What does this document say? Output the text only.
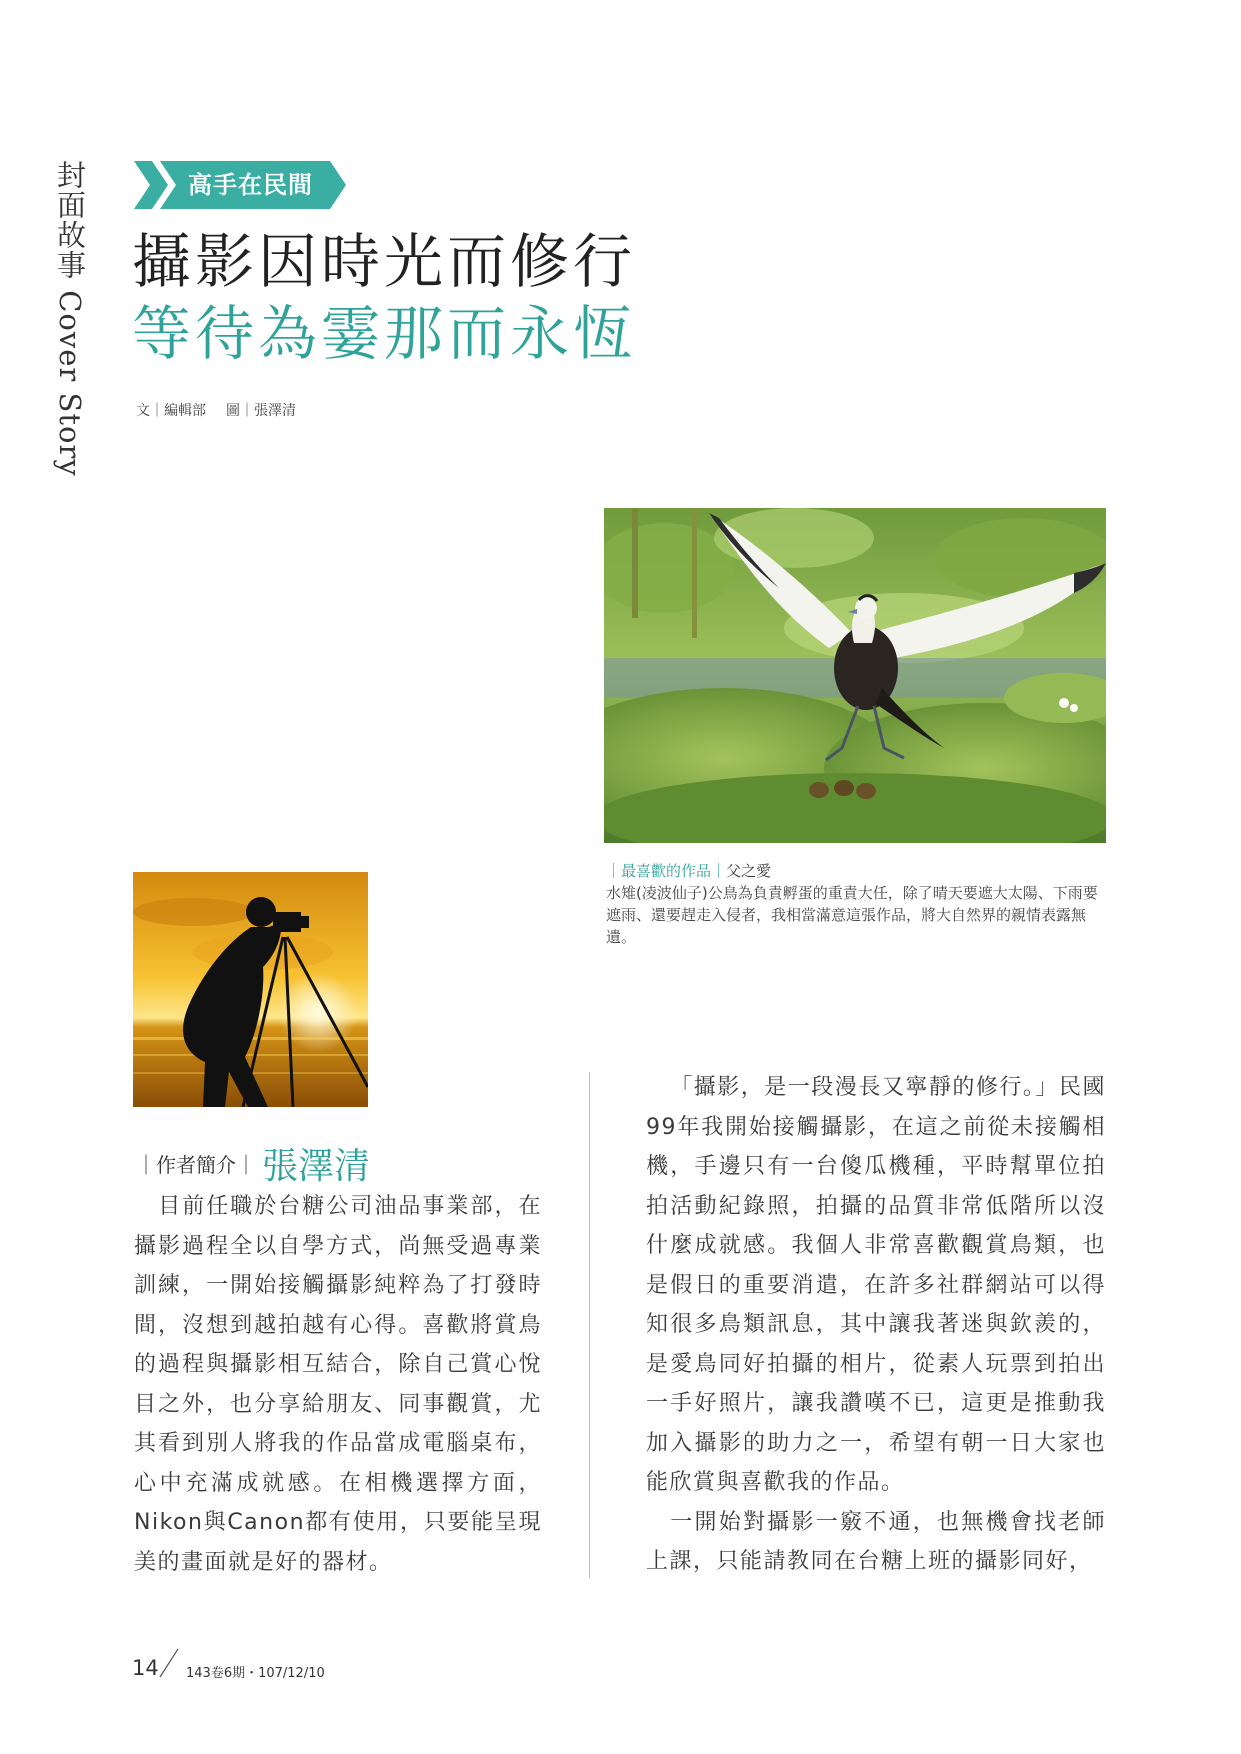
封面故事 Cover Story	高手在民間
攝影因時光而修行
等待為霎那而永恆
文｜編輯部 圖｜張澤清
｜最喜歡的作品｜父之愛
水雉(凌波仙子)公鳥為負責孵蛋的重責大任，除了晴天要遮大太陽、下雨要遮雨、還要趕走入侵者，我相當滿意這張作品，將大自然界的親情表露無遺。
｜作者簡介｜ 張澤清

目前任職於台糖公司油品事業部，在攝影過程全以自學方式，尚無受過專業訓練，一開始接觸攝影純粹為了打發時間，沒想到越拍越有心得。喜歡將賞鳥的過程與攝影相互結合，除自己賞心悅目之外，也分享給朋友、同事觀賞，尤其看到別人將我的作品當成電腦桌布，心中充滿成就感。在相機選擇方面，Nikon與Canon都有使用，只要能呈現美的畫面就是好的器材。

「攝影，是一段漫長又寧靜的修行。」民國99年我開始接觸攝影，在這之前從未接觸相機，手邊只有一台傻瓜機種，平時幫單位拍拍活動紀錄照，拍攝的品質非常低階所以沒什麼成就感。我個人非常喜歡觀賞鳥類，也是假日的重要消遣，在許多社群網站可以得知很多鳥類訊息，其中讓我著迷與欽羨的，是愛鳥同好拍攝的相片，從素人玩票到拍出一手好照片，讓我讚嘆不已，這更是推動我加入攝影的助力之一，希望有朝一日大家也能欣賞與喜歡我的作品。

一開始對攝影一竅不通，也無機會找老師上課，只能請教同在台糖上班的攝影同好，

14 143卷6期・107/12/10
